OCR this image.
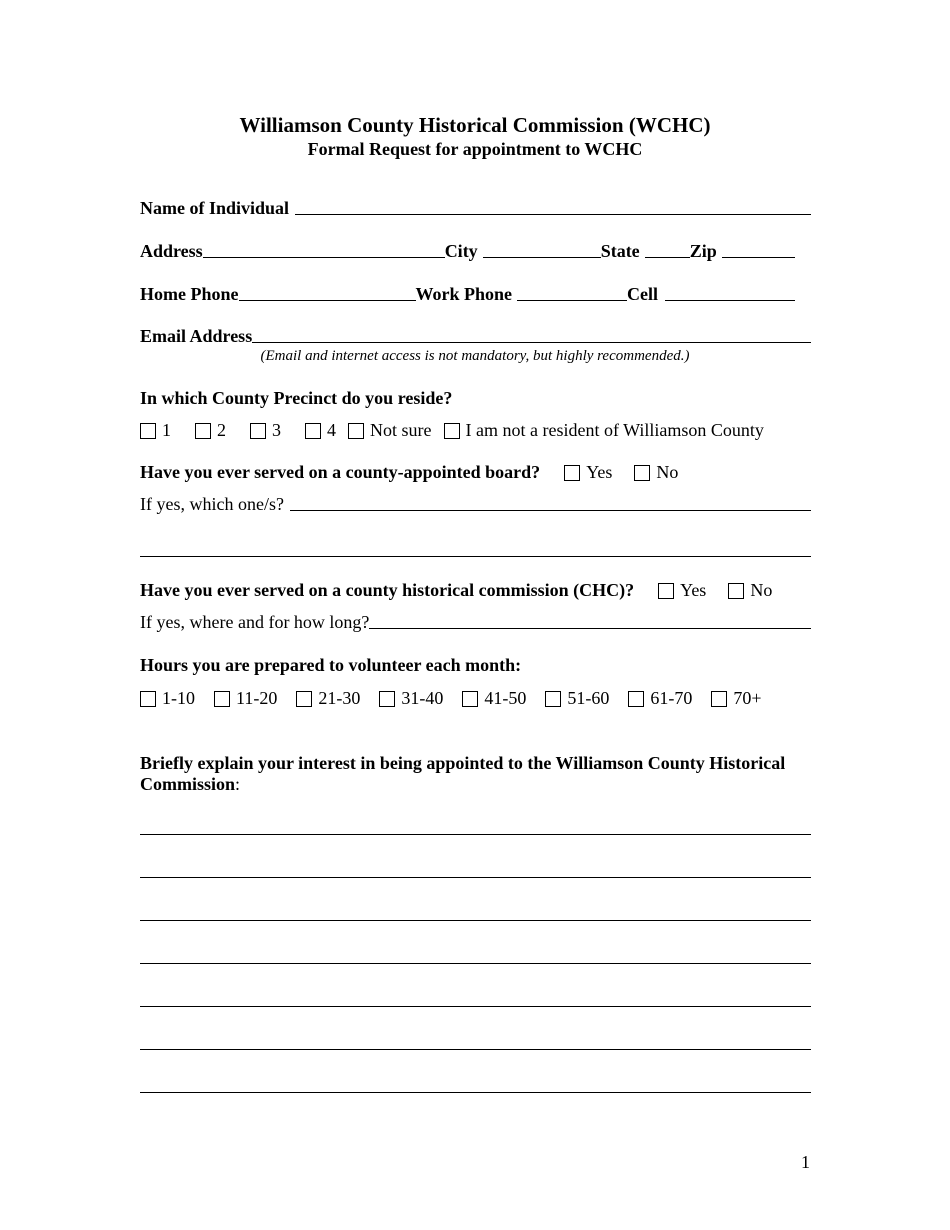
Williamson County Historical Commission (WCHC)
Formal Request for appointment to WCHC
Name of Individual
Address	City	State	Zip
Home Phone	Work Phone	Cell
Email Address
(Email and internet access is not mandatory, but highly recommended.)
In which County Precinct do you reside?
1	2	3	4 Not sure I am not a resident of Williamson County
Have you ever served on a county-appointed board?	Yes No
If yes, which one/s?
Have you ever served on a county historical commission (CHC)?	Yes No
If yes, where and for how long?
Hours you are prepared to volunteer each month:
1-10 11-20 21-30 31-40 41-50 51-60 61-70 70+
Briefly explain your interest in being appointed to the Williamson County Historical Commission:
1
